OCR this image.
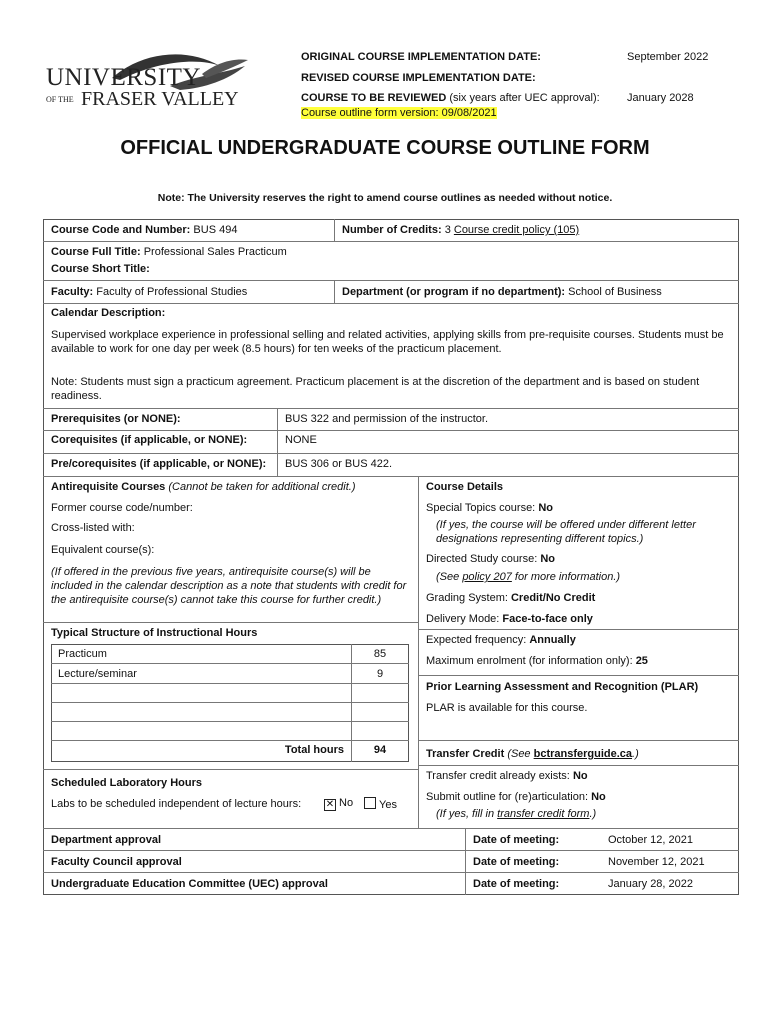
UNIVERSITY
OF THE FRASER VALLEY
ORIGINAL COURSE IMPLEMENTATION DATE:	September 2022
REVISED COURSE IMPLEMENTATION DATE:
COURSE TO BE REVIEWED (six years after UEC approval): January 2028
Course outline form version: 09/08/2021
OFFICIAL UNDERGRADUATE COURSE OUTLINE FORM
Note: The University reserves the right to amend course outlines as needed without notice.
Course Code and Number: BUS 494	Number of Credits: 3 Course credit policy (105)
Course Full Title: Professional Sales Practicum
Course Short Title:
Faculty: Faculty of Professional Studies	Department (or program if no department): School of Business
Calendar Description:
Supervised workplace experience in professional selling and related activities, applying skills from pre-requisite courses. Students must be available to work for one day per week (8.5 hours) for ten weeks of the practicum placement.
Note: Students must sign a practicum agreement. Practicum placement is at the discretion of the department and is based on student readiness.
Prerequisites (or NONE):	BUS 322 and permission of the instructor.
Corequisites (if applicable, or NONE):	NONE
Pre/corequisites (if applicable, or NONE): BUS 306 or BUS 422.
Antirequisite Courses (Cannot be taken for additional credit.)
Former course code/number:
Cross-listed with:
Equivalent course(s):
(If offered in the previous five years, antirequisite course(s) will be included in the calendar description as a note that students with credit for the antirequisite course(s) cannot take this course for further credit.)
Typical Structure of Instructional Hours
Practicum	85
Lecture/seminar	9
Total hours	94
Scheduled Laboratory Hours
Labs to be scheduled independent of lecture hours: ✕ No	Yes
Course Details
Special Topics course: No
(If yes, the course will be offered under different letter designations representing different topics.)
Directed Study course: No
(See policy 207 for more information.)
Grading System: Credit/No Credit
Delivery Mode: Face-to-face only
Expected frequency: Annually
Maximum enrolment (for information only): 25
Prior Learning Assessment and Recognition (PLAR)
PLAR is available for this course.
Transfer Credit (See bctransferguide.ca.)
Transfer credit already exists: No
Submit outline for (re)articulation: No
(If yes, fill in transfer credit form.)
Department approval	Date of meeting:	October 12, 2021
Faculty Council approval	Date of meeting:	November 12, 2021
Undergraduate Education Committee (UEC) approval	Date of meeting:	January 28, 2022
